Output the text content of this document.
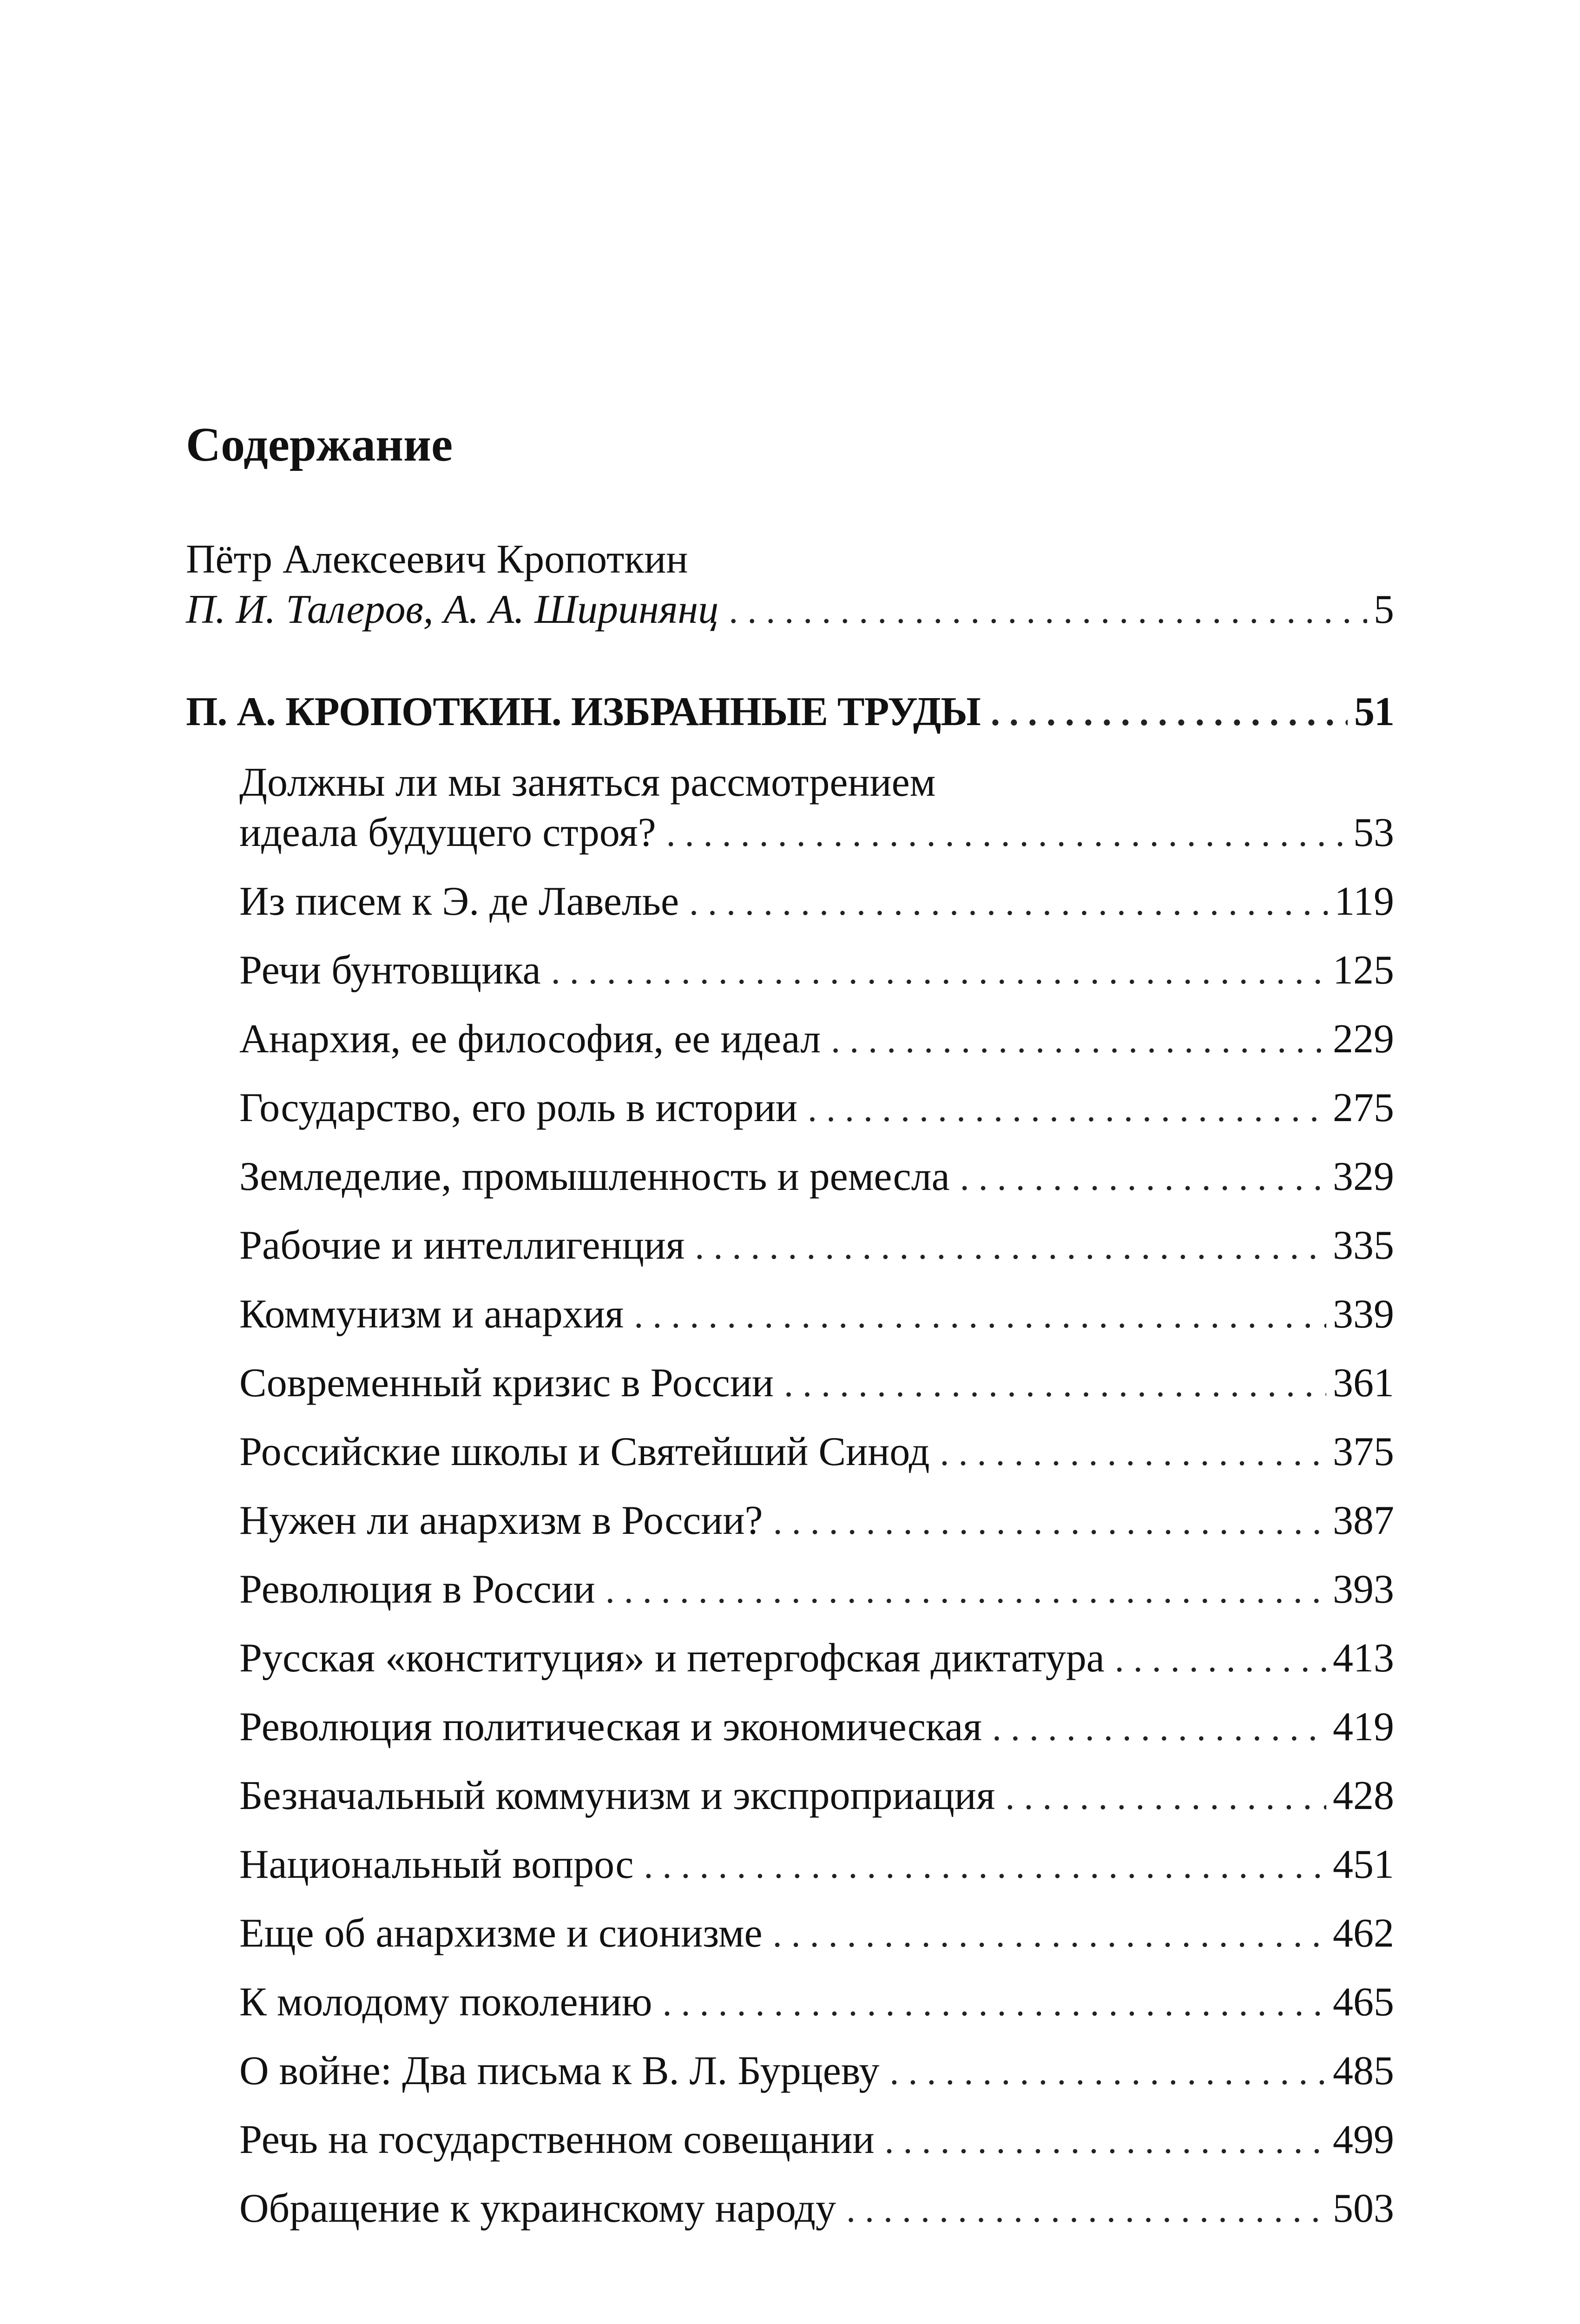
Содержание
Пётр Алексеевич Кропоткин
П. И. Талеров, А. А. Ширинянц . . .	5
П. А. КРОПОТКИН. ИЗБРАННЫЕ ТРУДЫ . . .	51
Должны ли мы заняться рассмотрением
идеала будущего строя? . . .	53
Из писем к Э. де Лавелье . . .	119
Речи бунтовщика . . .	125
Анархия, ее философия, ее идеал . . .	229
Государство, его роль в истории . . .	275
Земледелие, промышленность и ремесла . . .	329
Рабочие и интеллигенция . . .	335
Коммунизм и анархия . . .	339
Современный кризис в России . . .	361
Российские школы и Святейший Синод . . .	375
Нужен ли анархизм в России? . . .	387
Революция в России . . .	393
Русская «конституция» и петергофская диктатура . . .	413
Революция политическая и экономическая . . .	419
Безначальный коммунизм и экспроприация . . .	428
Национальный вопрос . . .	451
Еще об анархизме и сионизме . . .	462
К молодому поколению . . .	465
О войне: Два письма к В. Л. Бурцеву . . .	485
Речь на государственном совещании . . .	499
Обращение к украинскому народу . . .	503
